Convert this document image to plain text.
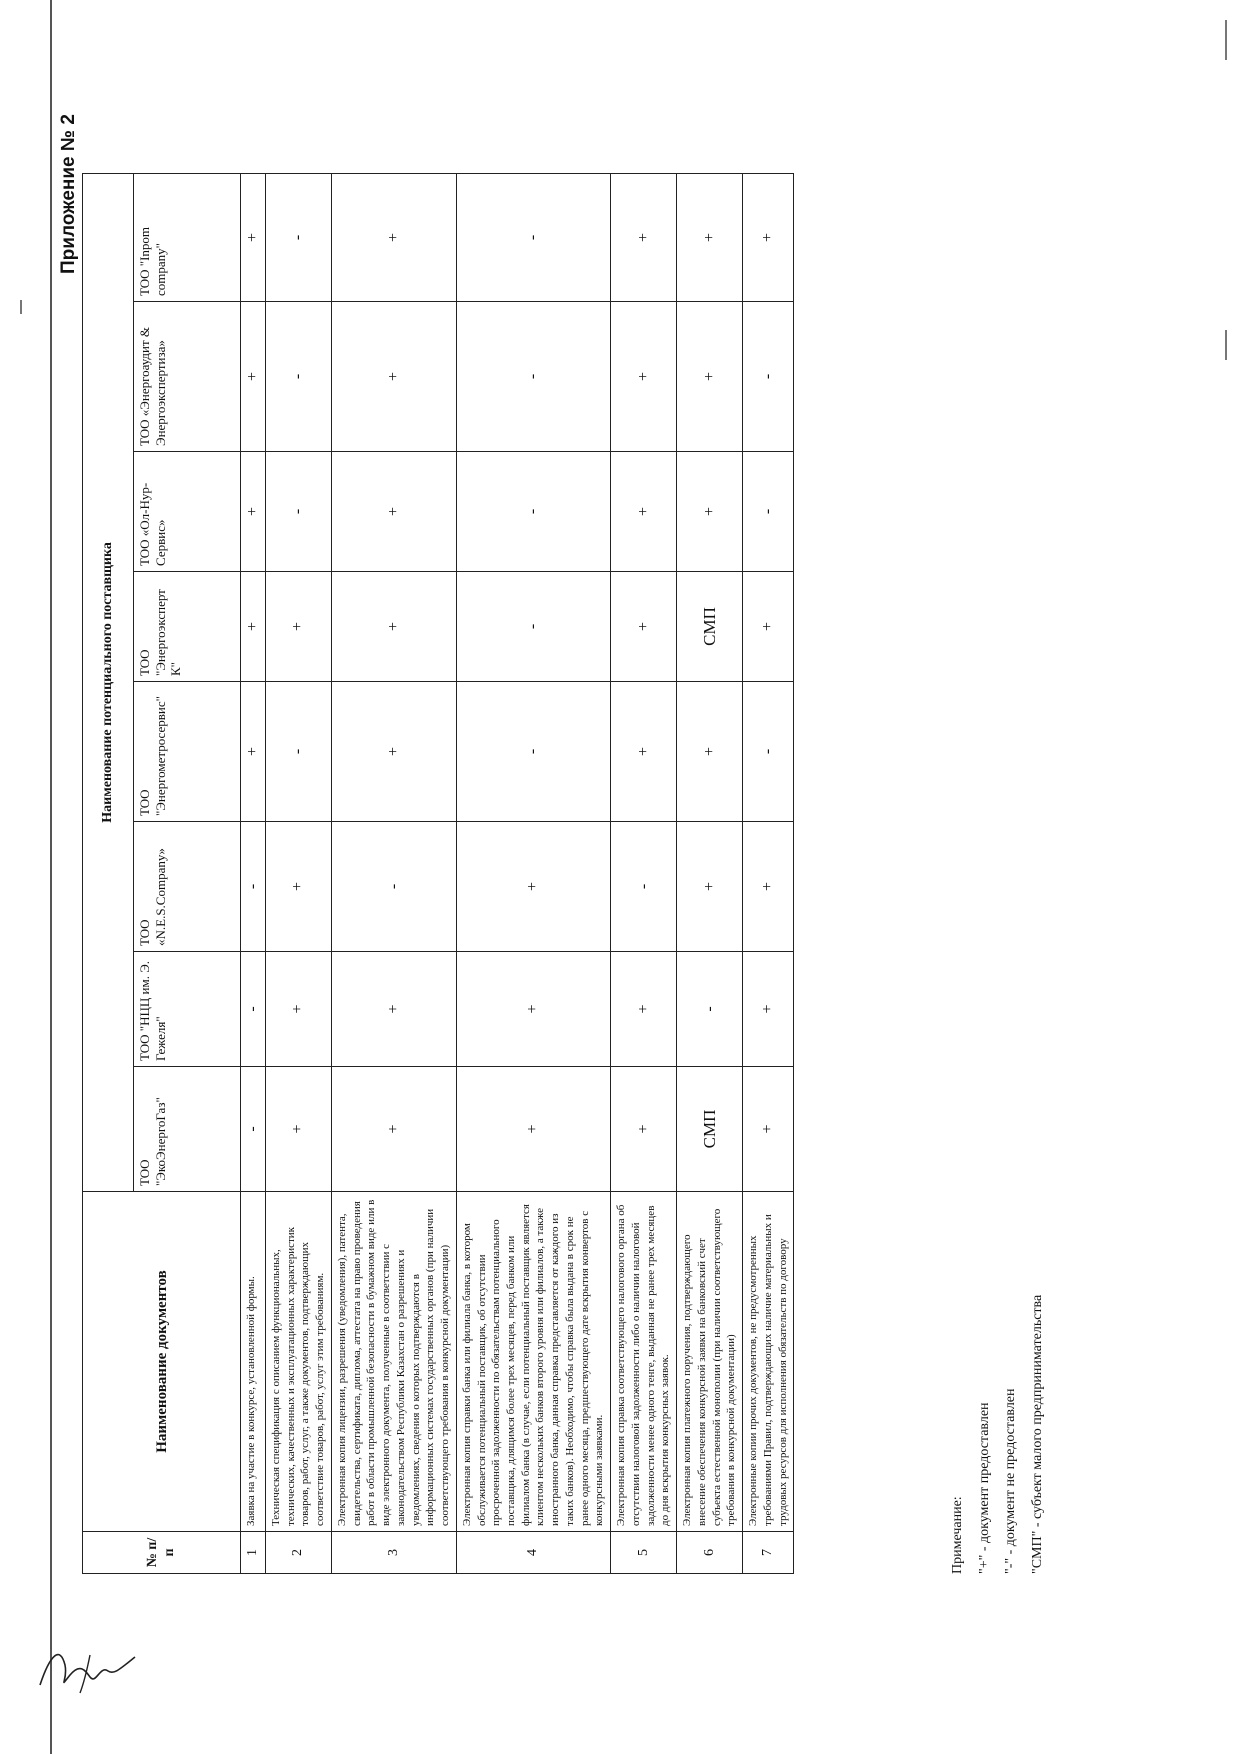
Приложение № 2
№ п/п	Наименование документов	Наименование потенциального поставщика							
		ТОО "ЭкоЭнергоГаз"	ТОО "НЦЦ им. Э. Гежеля"	ТОО «N.E.S.Company»	ТОО "Энергометросервис"	ТОО "Энергоэксперт К"	ТОО «Ол-Нур-Сервис»	ТОО «Энергоаудит & Энергоэкспертиза»	ТОО "Inpom company"
1	Заявка на участие в конкурсе, установленной формы.	-	-	-	+	+	+	+	+
2	Техническая спецификация с описанием функциональных, технических, качественных и эксплуатационных характеристик товаров, работ, услуг, а также документов, подтверждающих соответствие товаров, работ, услуг этим требованиям.	+	+	+	-	+	-	-	-
3	Электронная копия лицензии, разрешения (уведомления), патента, свидетельства, сертификата, диплома, аттестата на право проведения работ в области промышленной безопасности в бумажном виде или в виде электронного документа, полученные в соответствии с законодательством Республики Казахстан о разрешениях и уведомлениях, сведения о которых подтверждаются в информационных системах государственных органов (при наличии соответствующего требования в конкурсной документации)	+	+	-	+	+	+	+	+
4	Электронная копия справки банка или филиала банка, в котором обслуживается потенциальный поставщик, об отсутствии просроченной задолженности по обязательствам потенциального поставщика, длящимся более трех месяцев, перед банком или филиалом банка (в случае, если потенциальный поставщик является клиентом нескольких банков второго уровня или филиалов, а также иностранного банка, данная справка представляется от каждого из таких банков). Необходимо, чтобы справка была выдана в срок не ранее одного месяца, предшествующего дате вскрытия конвертов с конкурсными заявками.	+	+	+	-	-	-	-	-
5	Электронная копия справка соответствующего налогового органа об отсутствии налоговой задолженности либо о наличии налоговой задолженности менее одного тенге, выданная не ранее трех месяцев до дня вскрытия конкурсных заявок.	+	+	-	+	+	+	+	+
6	Электронная копия платежного поручения, подтверждающего внесение обеспечения конкурсной заявки на банковский счет субъекта естественной монополии (при наличии соответствующего требования в конкурсной документации)	СМП	-	+	+	СМП	+	+	+
7	Электронные копии прочих документов, не предусмотренных требованиями Правил, подтверждающих наличие материальных и трудовых ресурсов для исполнения обязательств по договору	+	+	+	-	+	-	-	+
Примечание: "+" - документ предоставлен "-" - документ не предоставлен "СМП" - субъект малого предпринимательства
